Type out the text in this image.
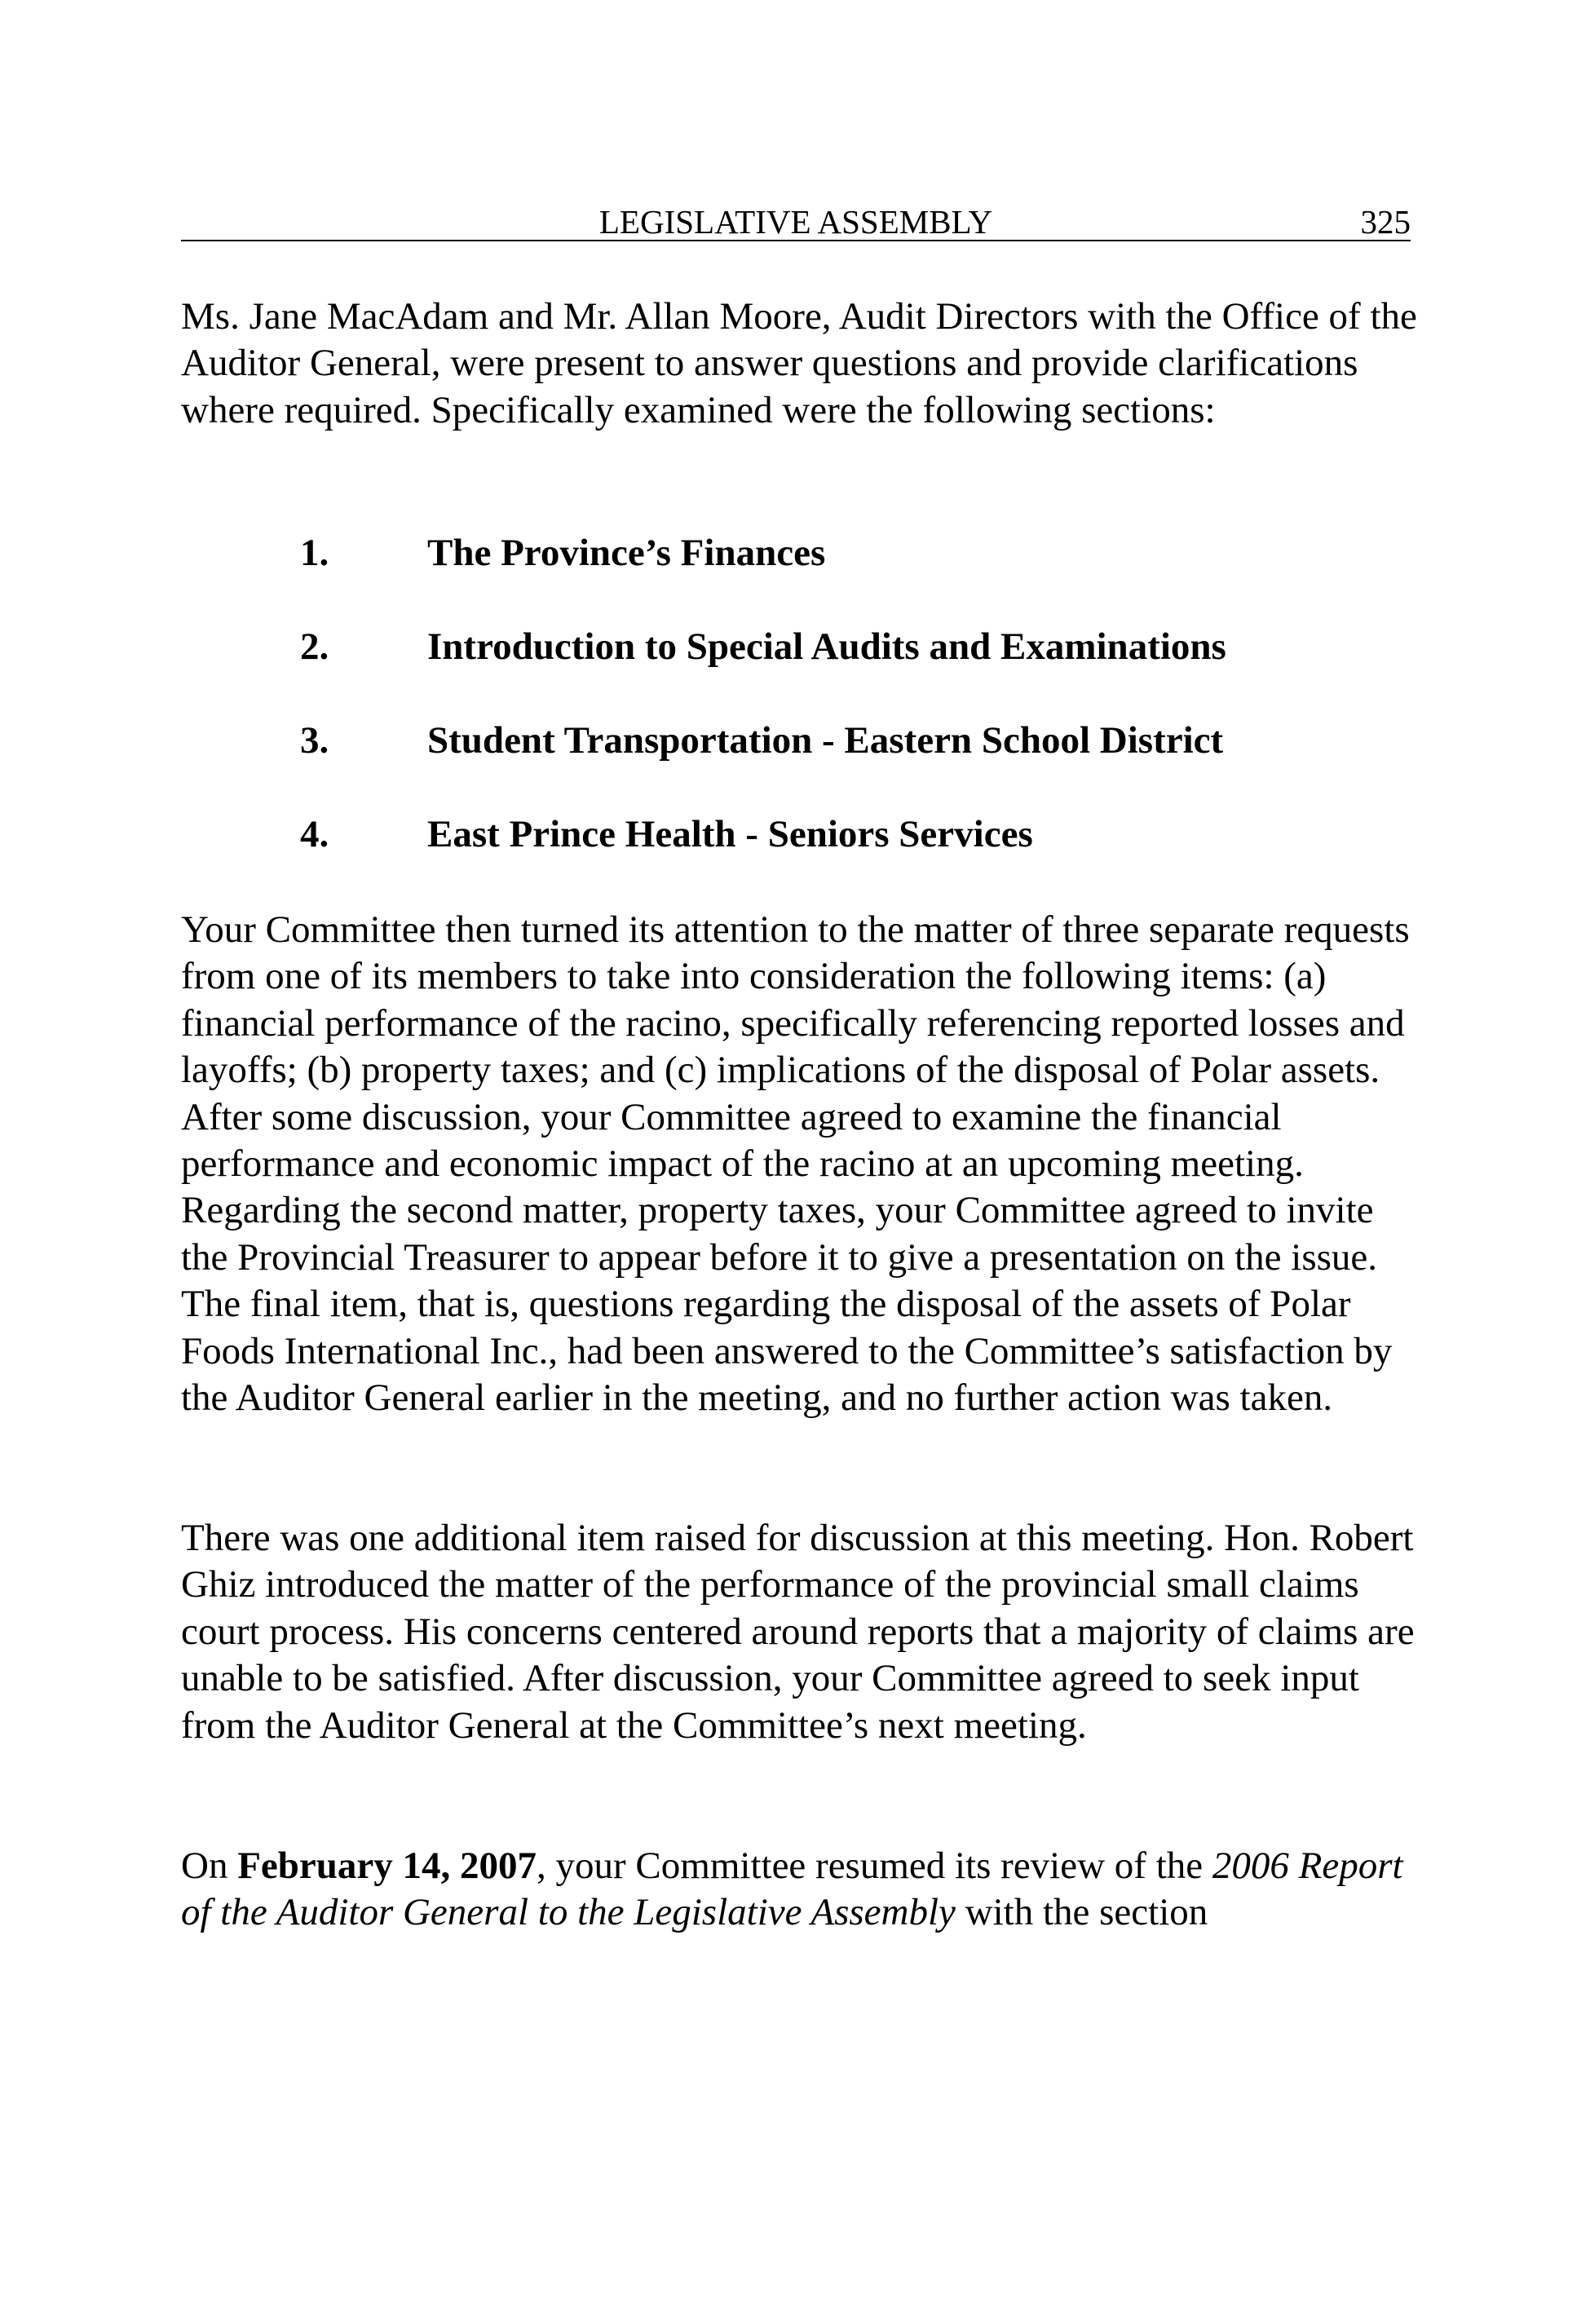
LEGISLATIVE ASSEMBLY	325

Ms. Jane MacAdam and Mr. Allan Moore, Audit Directors with the Office of the Auditor General, were present to answer questions and provide clarifications where required. Specifically examined were the following sections:

1.	The Province’s Finances
2.	Introduction to Special Audits and Examinations
3.	Student Transportation - Eastern School District
4.	East Prince Health - Seniors Services

Your Committee then turned its attention to the matter of three separate requests from one of its members to take into consideration the following items: (a) financial performance of the racino, specifically referencing reported losses and layoffs; (b) property taxes; and (c) implications of the disposal of Polar assets. After some discussion, your Committee agreed to examine the financial performance and economic impact of the racino at an upcoming meeting. Regarding the second matter, property taxes, your Committee agreed to invite the Provincial Treasurer to appear before it to give a presentation on the issue. The final item, that is, questions regarding the disposal of the assets of Polar Foods International Inc., had been answered to the Committee’s satisfaction by the Auditor General earlier in the meeting, and no further action was taken.

There was one additional item raised for discussion at this meeting. Hon. Robert Ghiz introduced the matter of the performance of the provincial small claims court process. His concerns centered around reports that a majority of claims are unable to be satisfied. After discussion, your Committee agreed to seek input from the Auditor General at the Committee’s next meeting.

On February 14, 2007, your Committee resumed its review of the 2006 Report of the Auditor General to the Legislative Assembly with the section
